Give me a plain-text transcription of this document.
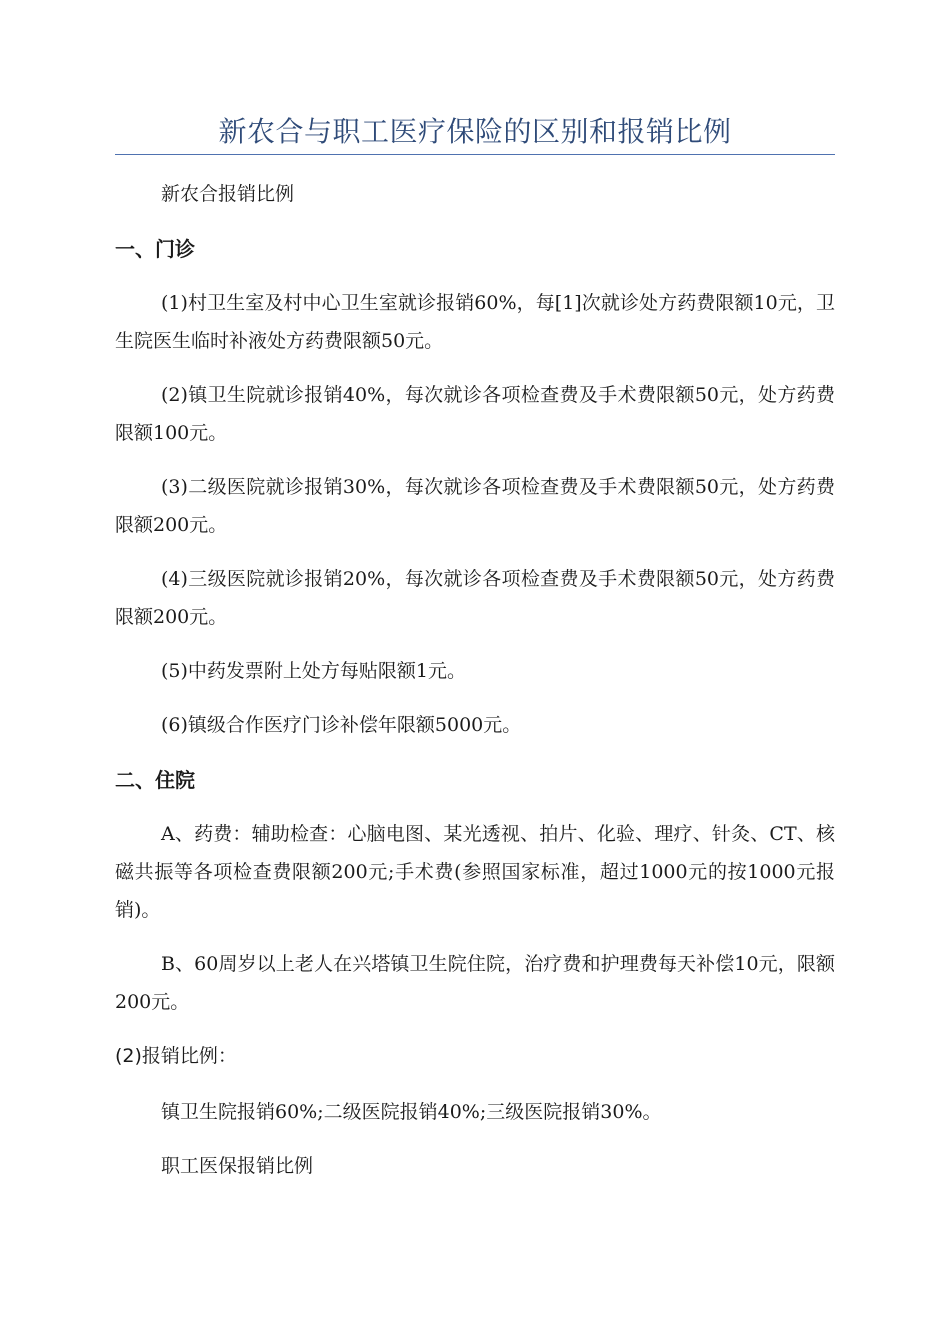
新农合与职工医疗保险的区别和报销比例

新农合报销比例

一、门诊

(1)村卫生室及村中心卫生室就诊报销60%，每[1]次就诊处方药费限额10元，卫生院医生临时补液处方药费限额50元。

(2)镇卫生院就诊报销40%，每次就诊各项检查费及手术费限额50元，处方药费限额100元。

(3)二级医院就诊报销30%，每次就诊各项检查费及手术费限额50元，处方药费限额200元。

(4)三级医院就诊报销20%，每次就诊各项检查费及手术费限额50元，处方药费限额200元。

(5)中药发票附上处方每贴限额1元。

(6)镇级合作医疗门诊补偿年限额5000元。

二、住院

A、药费：辅助检查：心脑电图、某光透视、拍片、化验、理疗、针灸、CT、核磁共振等各项检查费限额200元;手术费(参照国家标准，超过1000元的按1000元报销)。

B、60周岁以上老人在兴塔镇卫生院住院，治疗费和护理费每天补偿10元，限额200元。

(2)报销比例：

镇卫生院报销60%;二级医院报销40%;三级医院报销30%。

职工医保报销比例
